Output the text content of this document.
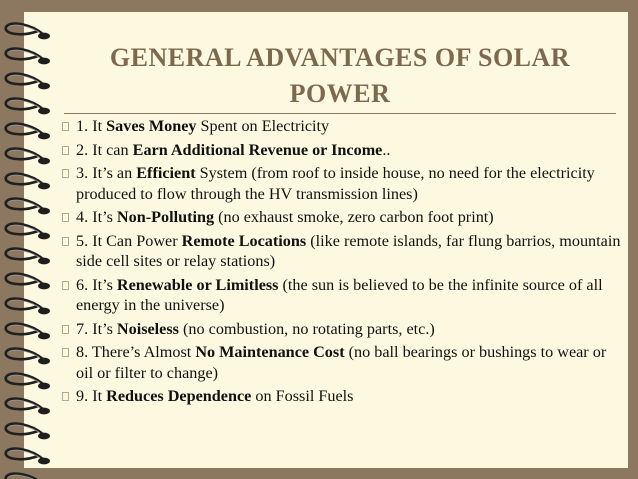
GENERAL ADVANTAGES OF SOLAR
POWER
1. It Saves Money Spent on Electricity
2. It can Earn Additional Revenue or Income..
3. It’s an Efficient System (from roof to inside house, no need for the electricity produced to flow through the HV transmission lines)
4. It’s Non-Polluting (no exhaust smoke, zero carbon foot print)
5. It Can Power Remote Locations (like remote islands, far flung barrios, mountain side cell sites or relay stations)
6. It’s Renewable or Limitless (the sun is believed to be the infinite source of all energy in the universe)
7. It’s Noiseless (no combustion, no rotating parts, etc.)
8. There’s Almost No Maintenance Cost (no ball bearings or bushings to wear or oil or filter to change)
9. It Reduces Dependence on Fossil Fuels
